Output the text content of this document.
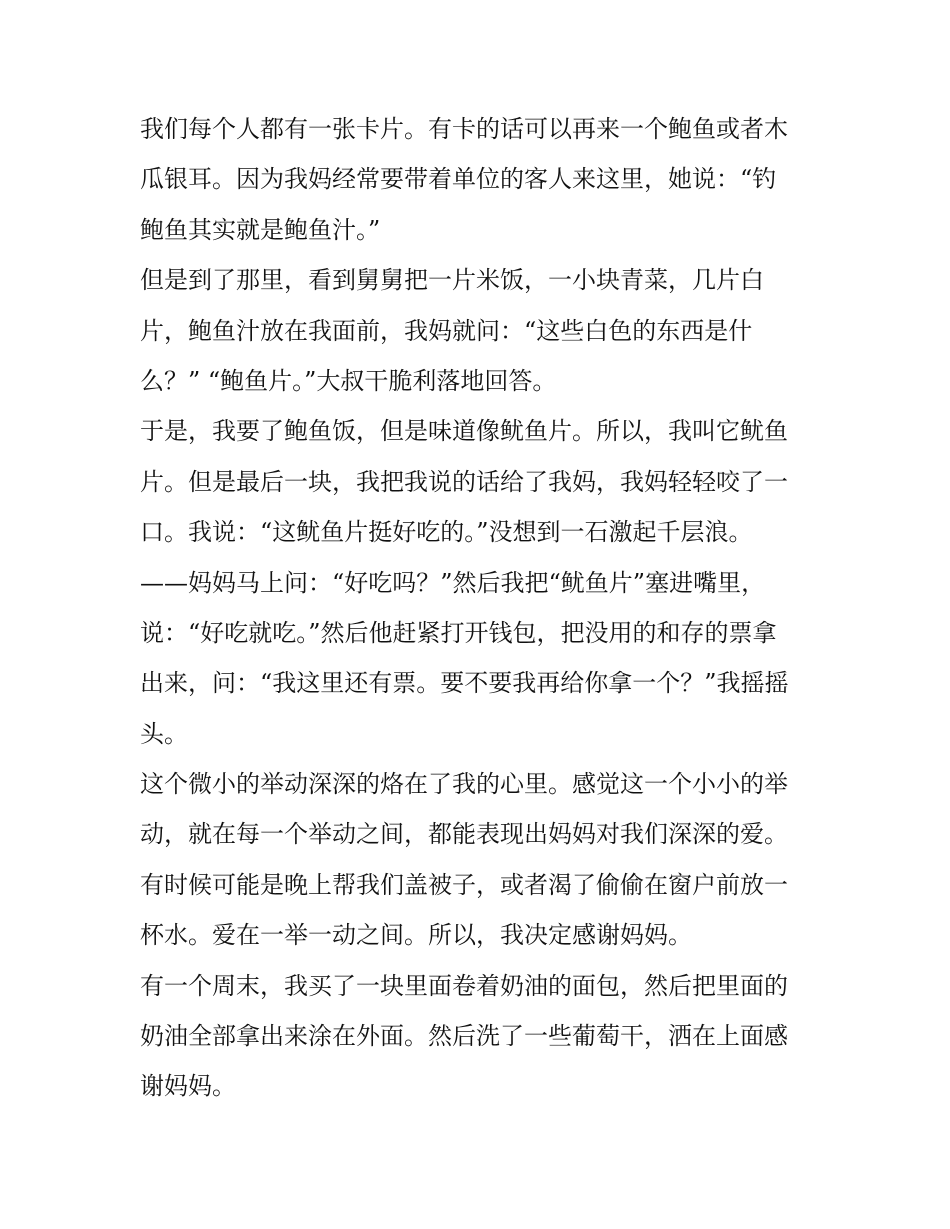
我们每个人都有一张卡片。有卡的话可以再来一个鲍鱼或者木
瓜银耳。因为我妈经常要带着单位的客人来这里，她说：“钓
鲍鱼其实就是鲍鱼汁。”
但是到了那里，看到舅舅把一片米饭，一小块青菜，几片白
片，鲍鱼汁放在我面前，我妈就问：“这些白色的东西是什
么？” “鲍鱼片。”大叔干脆利落地回答。
于是，我要了鲍鱼饭，但是味道像鱿鱼片。所以，我叫它鱿鱼
片。但是最后一块，我把我说的话给了我妈，我妈轻轻咬了一
口。我说：“这鱿鱼片挺好吃的。”没想到一石激起千层浪。
——妈妈马上问：“好吃吗？”然后我把“鱿鱼片”塞进嘴里，
说：“好吃就吃。”然后他赶紧打开钱包，把没用的和存的票拿
出来，问：“我这里还有票。要不要我再给你拿一个？”我摇摇
头。
这个微小的举动深深的烙在了我的心里。感觉这一个小小的举
动，就在每一个举动之间，都能表现出妈妈对我们深深的爱。
有时候可能是晚上帮我们盖被子，或者渴了偷偷在窗户前放一
杯水。爱在一举一动之间。所以，我决定感谢妈妈。
有一个周末，我买了一块里面卷着奶油的面包，然后把里面的
奶油全部拿出来涂在外面。然后洗了一些葡萄干，洒在上面感
谢妈妈。
